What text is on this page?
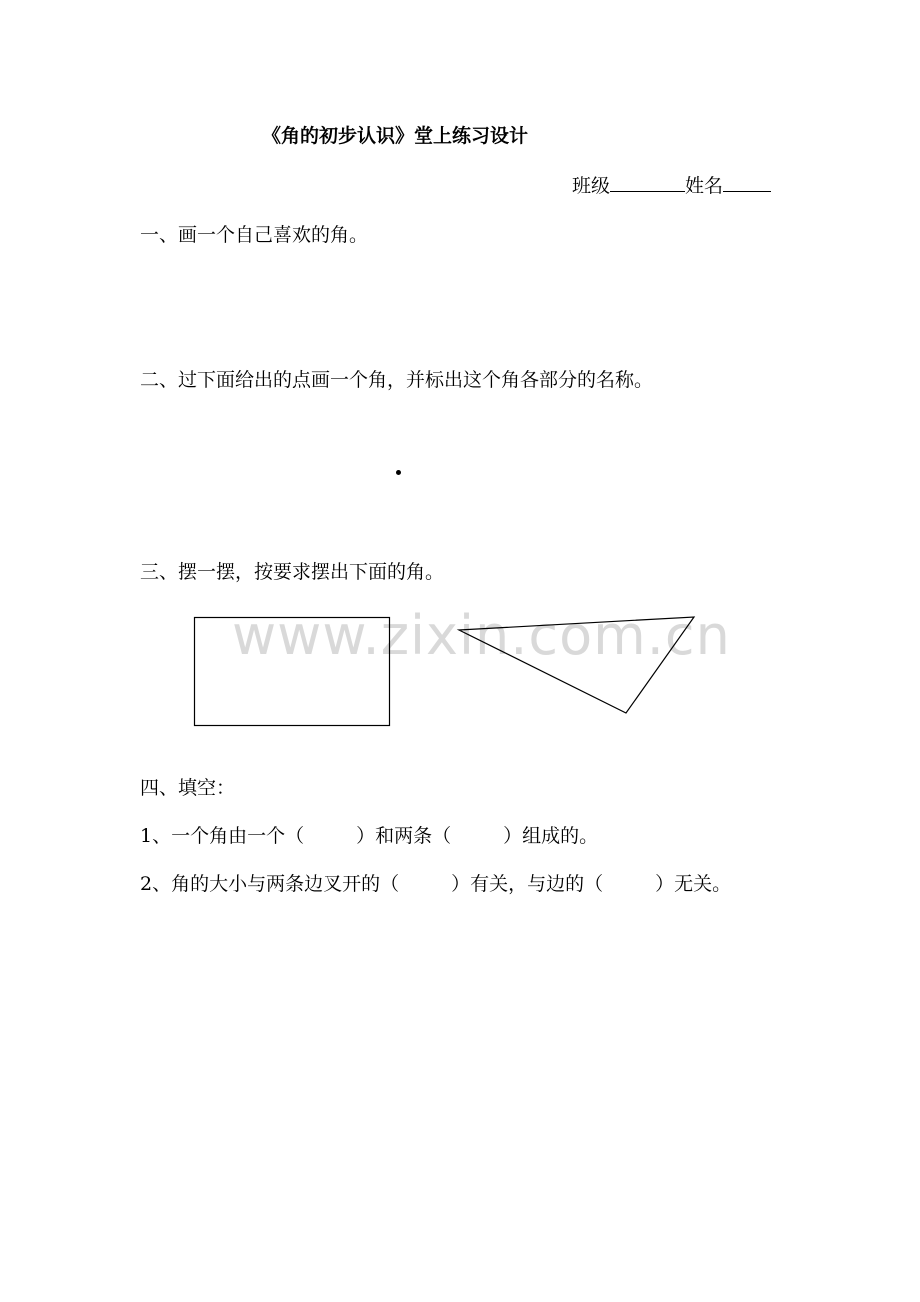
《角的初步认识》堂上练习设计
班级	姓名
一、画一个自己喜欢的角。
二、过下面给出的点画一个角，并标出这个角各部分的名称。
三、摆一摆，按要求摆出下面的角。
www.zixin.com.cn
四、填空：
1、一个角由一个（	）和两条（	）组成的。
2、角的大小与两条边叉开的（	）有关，与边的（	）无关。
